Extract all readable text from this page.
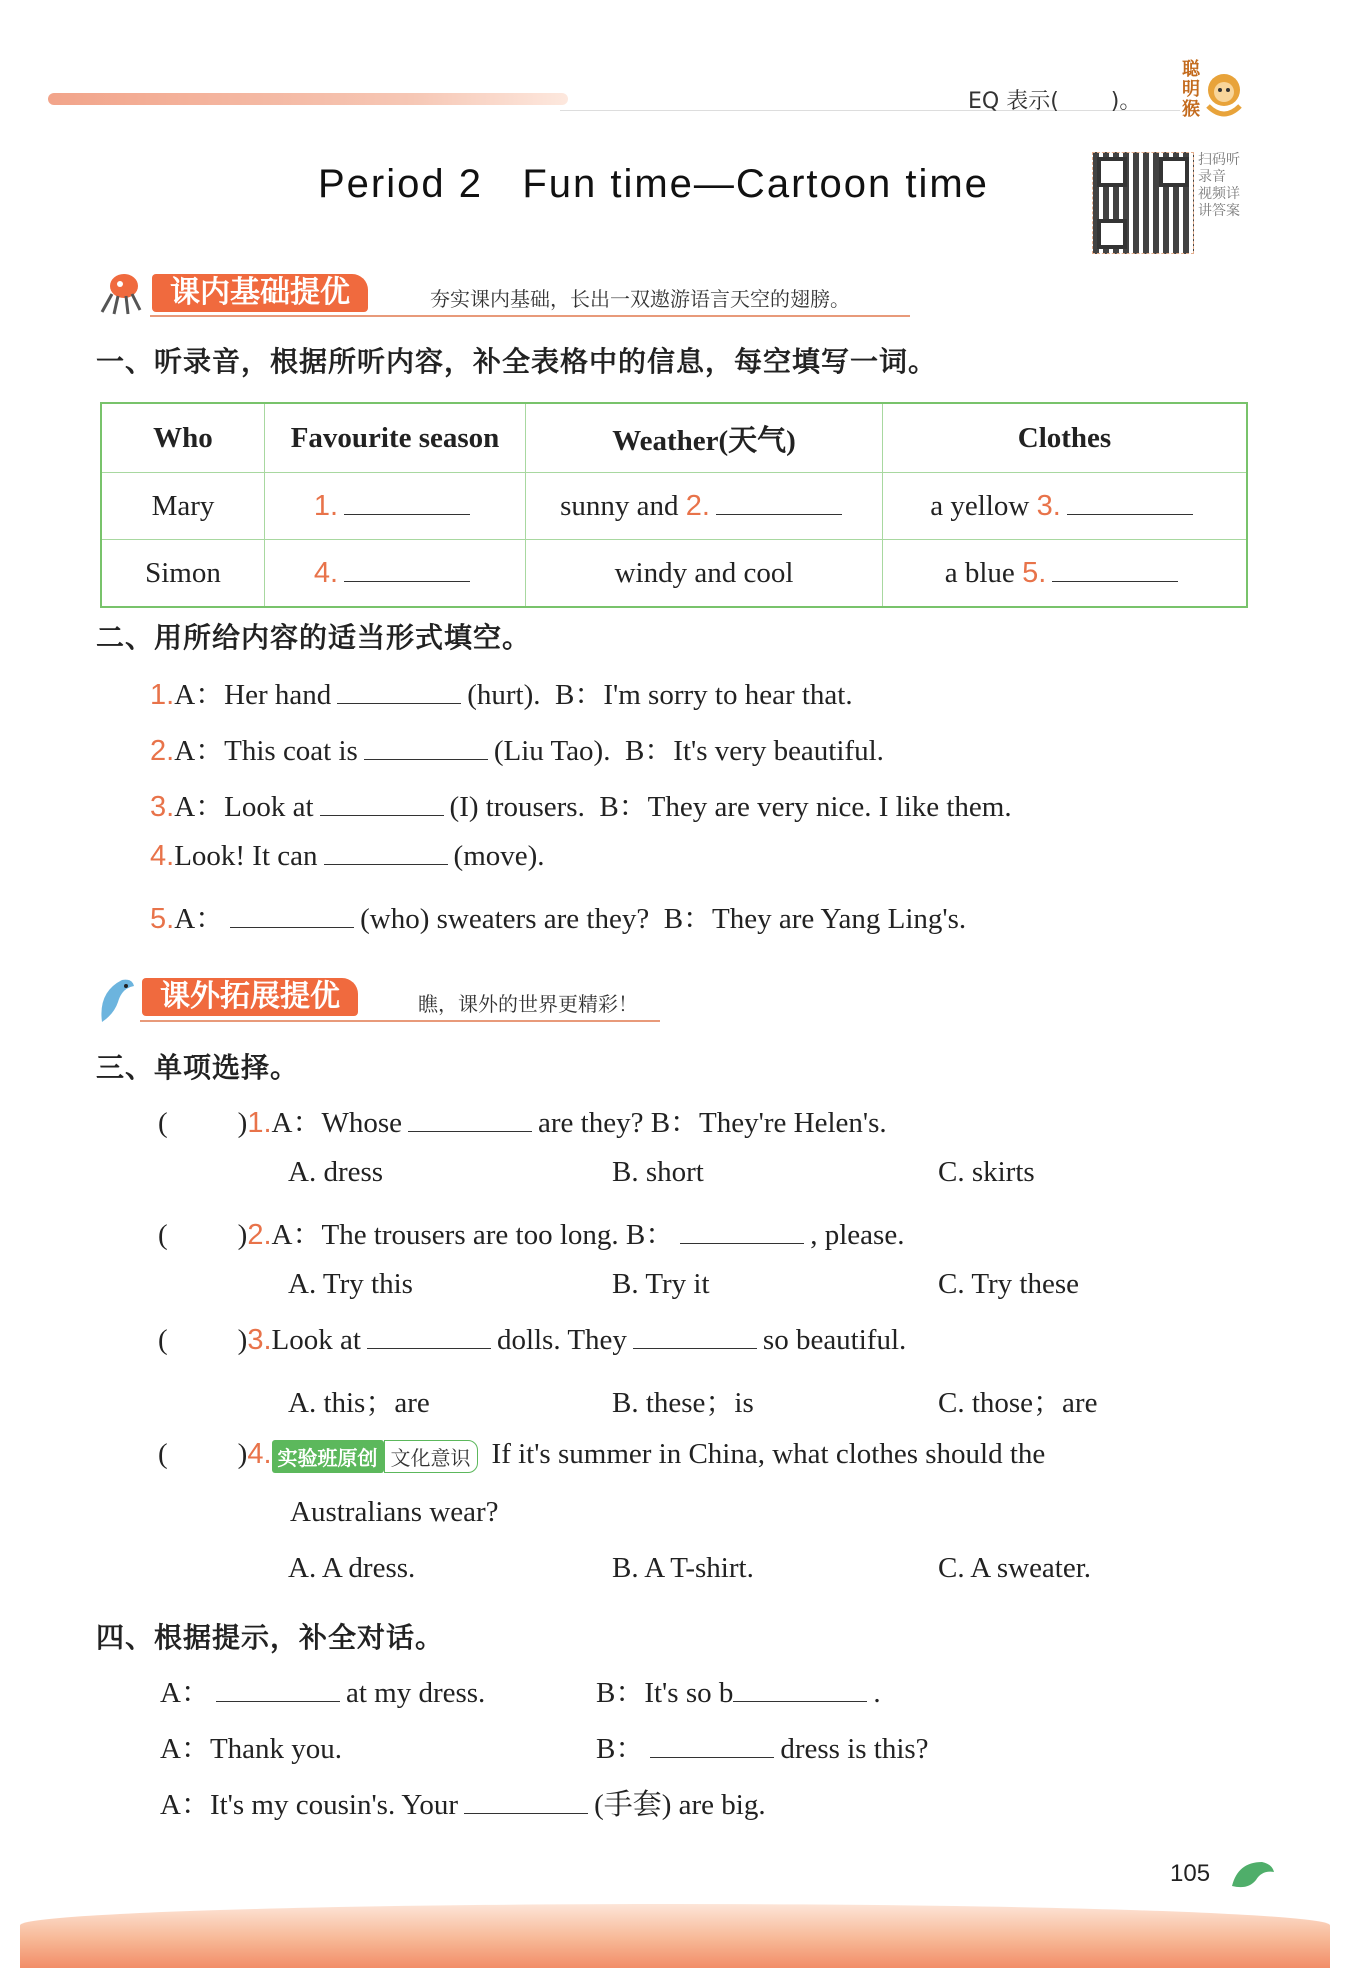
EQ 表示( )。
聪明猴
Period 2   Fun time—Cartoon time
扫码听录音 视频详讲答案
课内基础提优	夯实课内基础，长出一双遨游语言天空的翅膀。
一、听录音，根据所听内容，补全表格中的信息，每空填写一词。
Who	Favourite season	Weather(天气)	Clothes
Mary	1.	sunny and 2.	a yellow 3.
Simon	4.	windy and cool	a blue 5.
二、用所给内容的适当形式填空。
1.A：Her hand	(hurt). B：I'm sorry to hear that.
2.A：This coat is	(Liu Tao). B：It's very beautiful.
3.A：Look at	(I) trousers. B：They are very nice. I like them.
4.Look! It can	(move).
5.A：	(who) sweaters are they? B：They are Yang Ling's.
课外拓展提优	瞧，课外的世界更精彩！
三、单项选择。
( )1.A：Whose	are they? B：They're Helen's.
A. dress	B. short	C. skirts
( )2.A：The trousers are too long. B：	, please.
A. Try this	B. Try it	C. Try these
( )3.Look at	dolls. They	so beautiful.
A. this；are	B. these；is	C. those；are
( )4. 实验班原创 文化意识 If it's summer in China, what clothes should the
Australians wear?
A. A dress.	B. A T-shirt.	C. A sweater.
四、根据提示，补全对话。
A：	at my dress.	B：It's so b	.
A：Thank you.	B：	dress is this?
A：It's my cousin's. Your	(手套) are big.
105
